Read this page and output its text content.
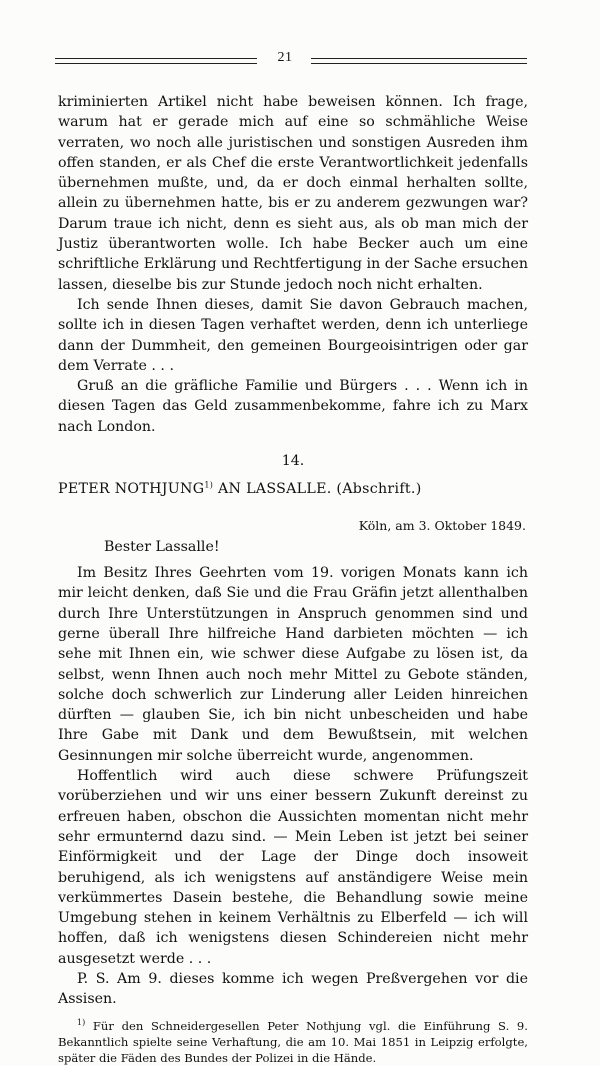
21

kriminierten Artikel nicht habe beweisen können. Ich frage, warum hat er gerade mich auf eine so schmähliche Weise verraten, wo noch alle juristischen und sonstigen Ausreden ihm offen standen, er als Chef die erste Verantwortlichkeit jedenfalls übernehmen mußte, und, da er doch einmal herhalten sollte, allein zu übernehmen hatte, bis er zu anderem gezwungen war? Darum traue ich nicht, denn es sieht aus, als ob man mich der Justiz überantworten wolle. Ich habe Becker auch um eine schriftliche Erklärung und Rechtfertigung in der Sache ersuchen lassen, dieselbe bis zur Stunde jedoch noch nicht erhalten.

Ich sende Ihnen dieses, damit Sie davon Gebrauch machen, sollte ich in diesen Tagen verhaftet werden, denn ich unterliege dann der Dummheit, den gemeinen Bourgeoisintrigen oder gar dem Verrate . . .

Gruß an die gräfliche Familie und Bürgers . . . Wenn ich in diesen Tagen das Geld zusammenbekomme, fahre ich zu Marx nach London.

14.
PETER NOTHJUNG$^{1)}$ AN LASSALLE. (Abschrift.)
Köln, am 3. Oktober 1849.
Bester Lassalle!

Im Besitz Ihres Geehrten vom 19. vorigen Monats kann ich mir leicht denken, daß Sie und die Frau Gräfin jetzt allenthalben durch Ihre Unterstützungen in Anspruch genommen sind und gerne überall Ihre hilfreiche Hand darbieten möchten — ich sehe mit Ihnen ein, wie schwer diese Aufgabe zu lösen ist, da selbst, wenn Ihnen auch noch mehr Mittel zu Gebote ständen, solche doch schwerlich zur Linderung aller Leiden hinreichen dürften — glauben Sie, ich bin nicht unbescheiden und habe Ihre Gabe mit Dank und dem Bewußtsein, mit welchen Gesinnungen mir solche überreicht wurde, angenommen.

Hoffentlich wird auch diese schwere Prüfungszeit vorüberziehen und wir uns einer bessern Zukunft dereinst zu erfreuen haben, obschon die Aussichten momentan nicht mehr sehr ermunternd dazu sind. — Mein Leben ist jetzt bei seiner Einförmigkeit und der Lage der Dinge doch insoweit beruhigend, als ich wenigstens auf anständigere Weise mein verkümmertes Dasein bestehe, die Behandlung sowie meine Umgebung stehen in keinem Verhältnis zu Elberfeld — ich will hoffen, daß ich wenigstens diesen Schindereien nicht mehr ausgesetzt werde . . .

P. S. Am 9. dieses komme ich wegen Preßvergehen vor die Assisen.

$^{1)}$ Für den Schneidergesellen Peter Nothjung vgl. die Einführung S. 9. Bekanntlich spielte seine Verhaftung, die am 10. Mai 1851 in Leipzig erfolgte, später die Fäden des Bundes der Polizei in die Hände.
